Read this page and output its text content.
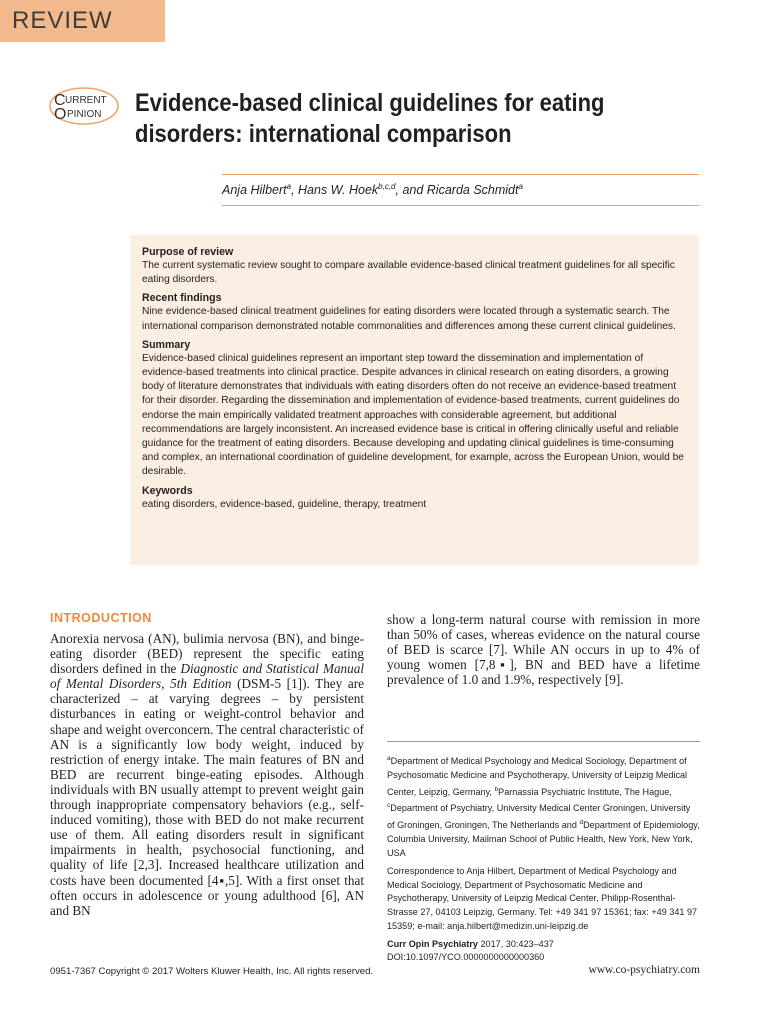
REVIEW
C URRENT
O PINION Evidence-based clinical guidelines for eating disorders: international comparison
Anja Hilbert$^a$, Hans W. Hoek$^{b,c,d}$, and Ricarda Schmidt$^a$
Purpose of review

The current systematic review sought to compare available evidence-based clinical treatment guidelines for all specific eating disorders.

Recent findings

Nine evidence-based clinical treatment guidelines for eating disorders were located through a systematic search. The international comparison demonstrated notable commonalities and differences among these current clinical guidelines.

Summary

Evidence-based clinical guidelines represent an important step toward the dissemination and implementation of evidence-based treatments into clinical practice. Despite advances in clinical research on eating disorders, a growing body of literature demonstrates that individuals with eating disorders often do not receive an evidence-based treatment for their disorder. Regarding the dissemination and implementation of evidence-based treatments, current guidelines do endorse the main empirically validated treatment approaches with considerable agreement, but additional recommendations are largely inconsistent. An increased evidence base is critical in offering clinically useful and reliable guidance for the treatment of eating disorders. Because developing and updating clinical guidelines is time-consuming and complex, an international coordination of guideline development, for example, across the European Union, would be desirable.

Keywords

eating disorders, evidence-based, guideline, therapy, treatment

INTRODUCTION
Anorexia nervosa (AN), bulimia nervosa (BN), and binge-eating disorder (BED) represent the specific eating disorders defined in the Diagnostic and Statistical Manual of Mental Disorders, 5th Edition (DSM-5 [1]). They are characterized – at varying degrees – by persistent disturbances in eating or weight-control behavior and shape and weight overconcern. The central characteristic of AN is a significantly low body weight, induced by restriction of energy intake. The main features of BN and BED are recurrent binge-eating episodes. Although individuals with BN usually attempt to prevent weight gain through inappropriate compensatory behaviors (e.g., self-induced vomiting), those with BED do not make recurrent use of them. All eating disorders result in significant impairments in health, psychosocial functioning, and quality of life [2,3]. Increased healthcare utilization and costs have been documented [4▪,5]. With a first onset that often occurs in adolescence or young adulthood [6], AN and BN
show a long-term natural course with remission in more than 50% of cases, whereas evidence on the natural course of BED is scarce [7]. While AN occurs in up to 4% of young women [7,8▪], BN and BED have a lifetime prevalence of 1.0 and 1.9%, respectively [9].

$^a$Department of Medical Psychology and Medical Sociology, Department of Psychosomatic Medicine and Psychotherapy, University of Leipzig Medical Center, Leipzig, Germany, $^b$Parnassia Psychiatric Institute, The Hague, $^c$Department of Psychiatry, University Medical Center Groningen, University of Groningen, Groningen, The Netherlands and $^d$Department of Epidemiology, Columbia University, Mailman School of Public Health, New York, New York, USA

Correspondence to Anja Hilbert, Department of Medical Psychology and Medical Sociology, Department of Psychosomatic Medicine and Psychotherapy, University of Leipzig Medical Center, Philipp-Rosenthal-Strasse 27, 04103 Leipzig, Germany. Tel: +49 341 97 15361; fax: +49 341 97 15359; e-mail: anja.hilbert@medizin.uni-leipzig.de

Curr Opin Psychiatry 2017, 30:423–437
DOI:10.1097/YCO.0000000000000360

0951-7367 Copyright © 2017 Wolters Kluwer Health, Inc. All rights reserved.	www.co-psychiatry.com
